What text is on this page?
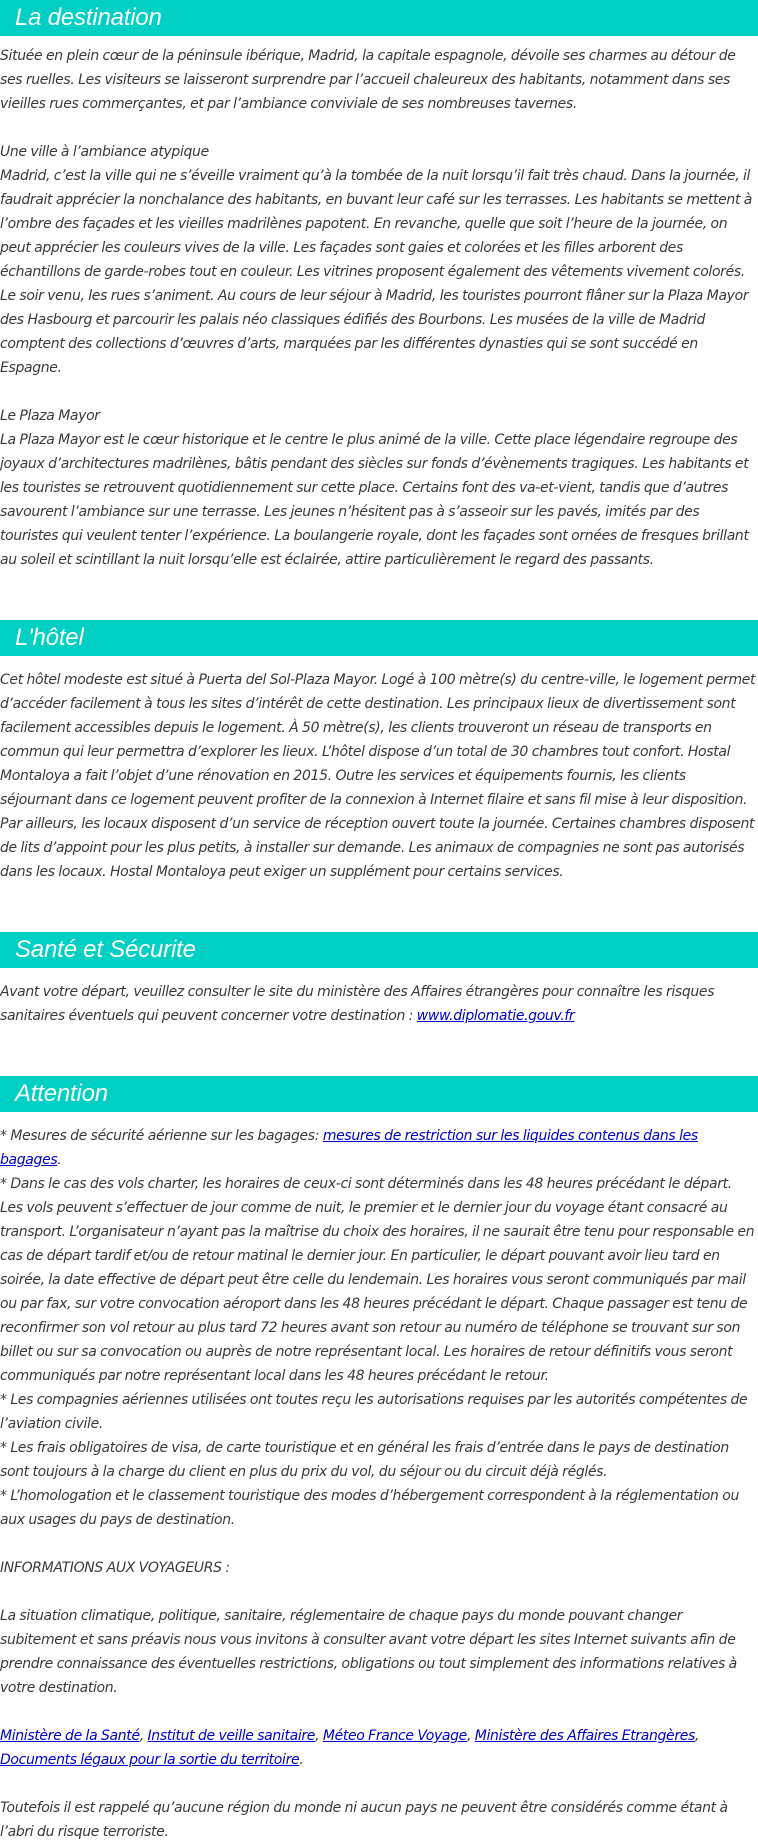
La destination

Située en plein cœur de la péninsule ibérique, Madrid, la capitale espagnole, dévoile ses charmes au détour de ses ruelles. Les visiteurs se laisseront surprendre par l’accueil chaleureux des habitants, notamment dans ses vieilles rues commerçantes, et par l’ambiance conviviale de ses nombreuses tavernes.

Une ville à l’ambiance atypique

Madrid, c’est la ville qui ne s’éveille vraiment qu’à la tombée de la nuit lorsqu’il fait très chaud. Dans la journée, il faudrait apprécier la nonchalance des habitants, en buvant leur café sur les terrasses. Les habitants se mettent à l’ombre des façades et les vieilles madrilènes papotent. En revanche, quelle que soit l’heure de la journée, on peut apprécier les couleurs vives de la ville. Les façades sont gaies et colorées et les filles arborent des échantillons de garde-robes tout en couleur. Les vitrines proposent également des vêtements vivement colorés. Le soir venu, les rues s’animent. Au cours de leur séjour à Madrid, les touristes pourront flâner sur la Plaza Mayor des Hasbourg et parcourir les palais néo classiques édifiés des Bourbons. Les musées de la ville de Madrid comptent des collections d’œuvres d’arts, marquées par les différentes dynasties qui se sont succédé en Espagne.

Le Plaza Mayor

La Plaza Mayor est le cœur historique et le centre le plus animé de la ville. Cette place légendaire regroupe des joyaux d’architectures madrilènes, bâtis pendant des siècles sur fonds d’évènements tragiques. Les habitants et les touristes se retrouvent quotidiennement sur cette place. Certains font des va-et-vient, tandis que d’autres savourent l’ambiance sur une terrasse. Les jeunes n’hésitent pas à s’asseoir sur les pavés, imités par des touristes qui veulent tenter l’expérience. La boulangerie royale, dont les façades sont ornées de fresques brillant au soleil et scintillant la nuit lorsqu’elle est éclairée, attire particulièrement le regard des passants.

L'hôtel

Cet hôtel modeste est situé à Puerta del Sol-Plaza Mayor. Logé à 100 mètre(s) du centre-ville, le logement permet d’accéder facilement à tous les sites d’intérêt de cette destination. Les principaux lieux de divertissement sont facilement accessibles depuis le logement. À 50 mètre(s), les clients trouveront un réseau de transports en commun qui leur permettra d’explorer les lieux. L’hôtel dispose d’un total de 30 chambres tout confort. Hostal Montaloya a fait l’objet d’une rénovation en 2015. Outre les services et équipements fournis, les clients séjournant dans ce logement peuvent profiter de la connexion à Internet filaire et sans fil mise à leur disposition. Par ailleurs, les locaux disposent d’un service de réception ouvert toute la journée. Certaines chambres disposent de lits d’appoint pour les plus petits, à installer sur demande. Les animaux de compagnies ne sont pas autorisés dans les locaux. Hostal Montaloya peut exiger un supplément pour certains services.

Santé et Sécurite

Avant votre départ, veuillez consulter le site du ministère des Affaires étrangères pour connaître les risques sanitaires éventuels qui peuvent concerner votre destination : www.diplomatie.gouv.fr

Attention

* Mesures de sécurité aérienne sur les bagages: mesures de restriction sur les liquides contenus dans les bagages.

* Dans le cas des vols charter, les horaires de ceux-ci sont déterminés dans les 48 heures précédant le départ. Les vols peuvent s’effectuer de jour comme de nuit, le premier et le dernier jour du voyage étant consacré au transport. L’organisateur n’ayant pas la maîtrise du choix des horaires, il ne saurait être tenu pour responsable en cas de départ tardif et/ou de retour matinal le dernier jour. En particulier, le départ pouvant avoir lieu tard en soirée, la date effective de départ peut être celle du lendemain. Les horaires vous seront communiqués par mail ou par fax, sur votre convocation aéroport dans les 48 heures précédant le départ. Chaque passager est tenu de reconfirmer son vol retour au plus tard 72 heures avant son retour au numéro de téléphone se trouvant sur son billet ou sur sa convocation ou auprès de notre représentant local. Les horaires de retour définitifs vous seront communiqués par notre représentant local dans les 48 heures précédant le retour.

* Les compagnies aériennes utilisées ont toutes reçu les autorisations requises par les autorités compétentes de l’aviation civile.

* Les frais obligatoires de visa, de carte touristique et en général les frais d’entrée dans le pays de destination sont toujours à la charge du client en plus du prix du vol, du séjour ou du circuit déjà réglés.

* L’homologation et le classement touristique des modes d’hébergement correspondent à la réglementation ou aux usages du pays de destination.

INFORMATIONS AUX VOYAGEURS :

La situation climatique, politique, sanitaire, réglementaire de chaque pays du monde pouvant changer subitement et sans préavis nous vous invitons à consulter avant votre départ les sites Internet suivants afin de prendre connaissance des éventuelles restrictions, obligations ou tout simplement des informations relatives à votre destination.

Ministère de la Santé, Institut de veille sanitaire, Méteo France Voyage, Ministère des Affaires Etrangères, Documents légaux pour la sortie du territoire.

Toutefois il est rappelé qu’aucune région du monde ni aucun pays ne peuvent être considérés comme étant à l’abri du risque terroriste.
